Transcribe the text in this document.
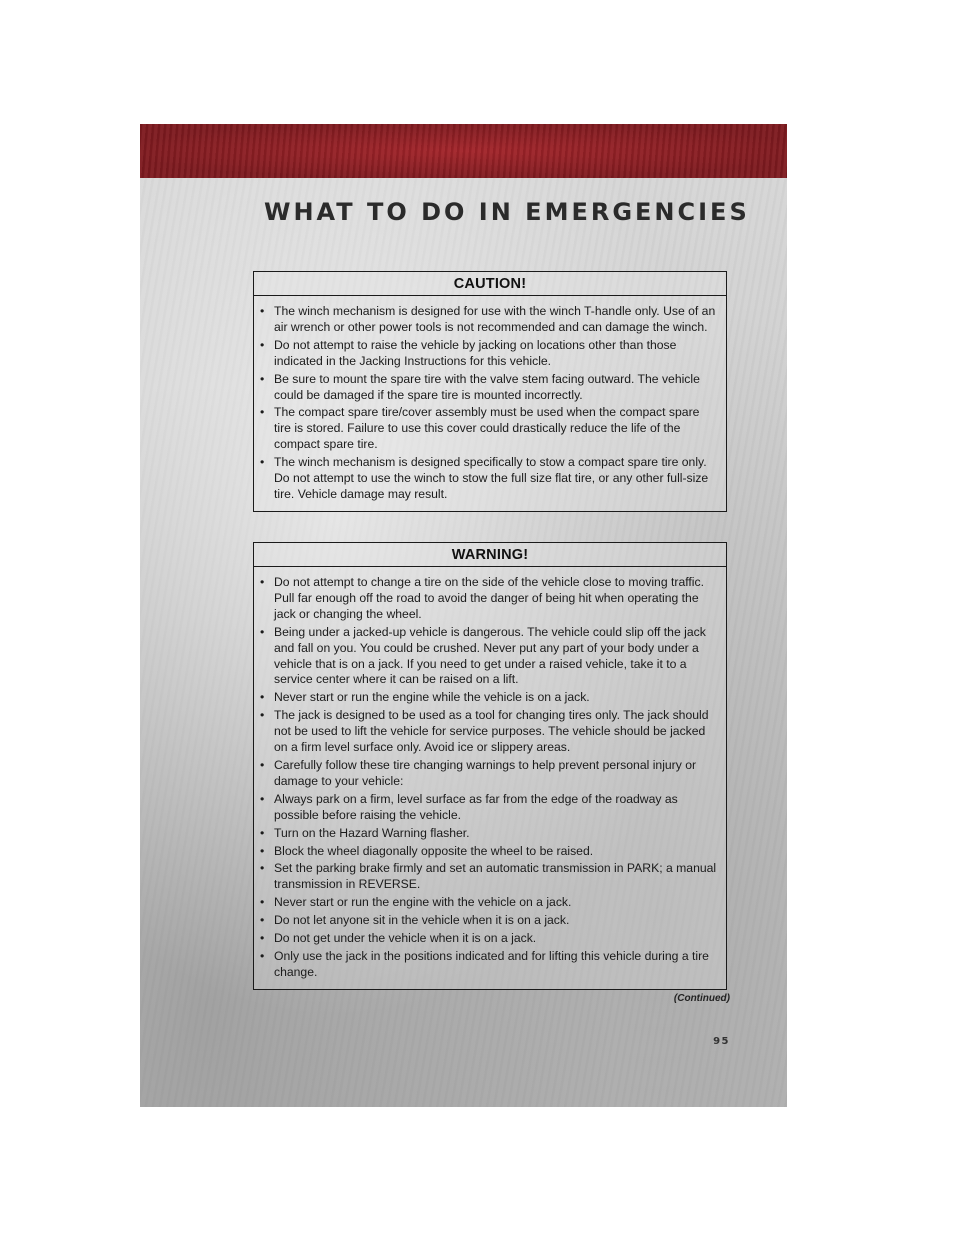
WHAT TO DO IN EMERGENCIES
CAUTION!
• The winch mechanism is designed for use with the winch T-handle only. Use of an air wrench or other power tools is not recommended and can damage the winch.
• Do not attempt to raise the vehicle by jacking on locations other than those indicated in the Jacking Instructions for this vehicle.
• Be sure to mount the spare tire with the valve stem facing outward. The vehicle could be damaged if the spare tire is mounted incorrectly.
• The compact spare tire/cover assembly must be used when the compact spare tire is stored. Failure to use this cover could drastically reduce the life of the compact spare tire.
• The winch mechanism is designed specifically to stow a compact spare tire only. Do not attempt to use the winch to stow the full size flat tire, or any other full-size tire. Vehicle damage may result.
WARNING!
• Do not attempt to change a tire on the side of the vehicle close to moving traffic. Pull far enough off the road to avoid the danger of being hit when operating the jack or changing the wheel.
• Being under a jacked-up vehicle is dangerous. The vehicle could slip off the jack and fall on you. You could be crushed. Never put any part of your body under a vehicle that is on a jack. If you need to get under a raised vehicle, take it to a service center where it can be raised on a lift.
• Never start or run the engine while the vehicle is on a jack.
• The jack is designed to be used as a tool for changing tires only. The jack should not be used to lift the vehicle for service purposes. The vehicle should be jacked on a firm level surface only. Avoid ice or slippery areas.
• Carefully follow these tire changing warnings to help prevent personal injury or damage to your vehicle:
• Always park on a firm, level surface as far from the edge of the roadway as possible before raising the vehicle.
• Turn on the Hazard Warning flasher.
• Block the wheel diagonally opposite the wheel to be raised.
• Set the parking brake firmly and set an automatic transmission in PARK; a manual transmission in REVERSE.
• Never start or run the engine with the vehicle on a jack.
• Do not let anyone sit in the vehicle when it is on a jack.
• Do not get under the vehicle when it is on a jack.
• Only use the jack in the positions indicated and for lifting this vehicle during a tire change.
(Continued)
95
